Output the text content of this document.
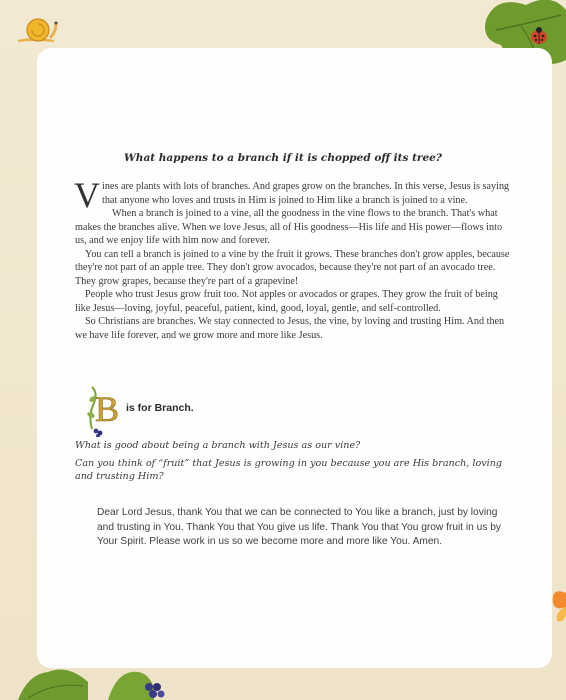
What happens to a branch if it is chopped off its tree?

Vines are plants with lots of branches. And grapes grow on the branches. In this verse, Jesus is saying that anyone who loves and trusts in Him is joined to Him like a branch is joined to a vine.

When a branch is joined to a vine, all the goodness in the vine flows to the branch. That's what makes the branches alive. When we love Jesus, all of His goodness—His life and His power—flows into us, and we enjoy life with him now and forever.

You can tell a branch is joined to a vine by the fruit it grows. These branches don't grow apples, because they're not part of an apple tree. They don't grow avocados, because they're not part of an avocado tree. They grow grapes, because they're part of a grapevine!

People who trust Jesus grow fruit too. Not apples or avocados or grapes. They grow the fruit of being like Jesus—loving, joyful, peaceful, patient, kind, good, loyal, gentle, and self-controlled.

So Christians are branches. We stay connected to Jesus, the vine, by loving and trusting Him. And then we have life forever, and we grow more and more like Jesus.

B is for Branch.

What is good about being a branch with Jesus as our vine?

Can you think of “fruit” that Jesus is growing in you because you are His branch, loving and trusting Him?

Dear Lord Jesus, thank You that we can be connected to You like a branch, just by loving and trusting in You. Thank You that You give us life. Thank You that You grow fruit in us by Your Spirit. Please work in us so we become more and more like You. Amen.
